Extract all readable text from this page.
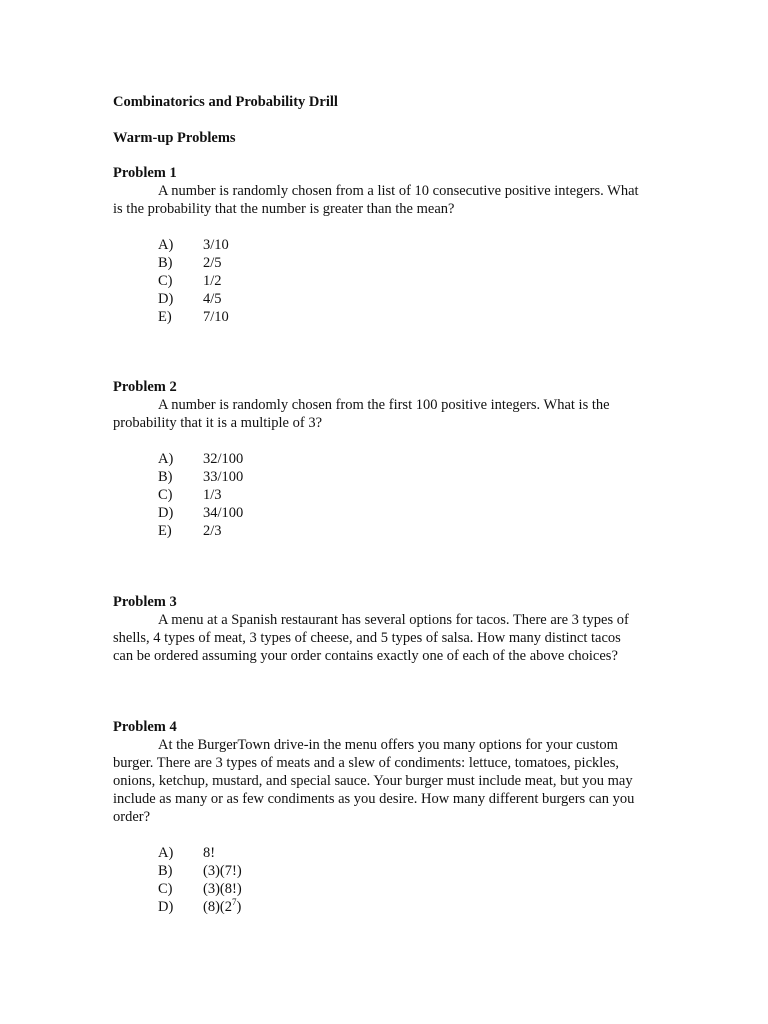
Combinatorics and Probability Drill
Warm-up Problems
Problem 1

A number is randomly chosen from a list of 10 consecutive positive integers. What is the probability that the number is greater than the mean?

A)	3/10
B)	2/5
C)	1/2
D)	4/5
E)	7/10
Problem 2

A number is randomly chosen from the first 100 positive integers. What is the probability that it is a multiple of 3?

A)	32/100
B)	33/100
C)	1/3
D)	34/100
E)	2/3
Problem 3

A menu at a Spanish restaurant has several options for tacos. There are 3 types of shells, 4 types of meat, 3 types of cheese, and 5 types of salsa. How many distinct tacos can be ordered assuming your order contains exactly one of each of the above choices?

Problem 4

At the BurgerTown drive-in the menu offers you many options for your custom burger. There are 3 types of meats and a slew of condiments: lettuce, tomatoes, pickles, onions, ketchup, mustard, and special sauce. Your burger must include meat, but you may include as many or as few condiments as you desire. How many different burgers can you order?

A)	8!
B)	(3)(7!)
C)	(3)(8!)
D)	$(8)(2^7)$
